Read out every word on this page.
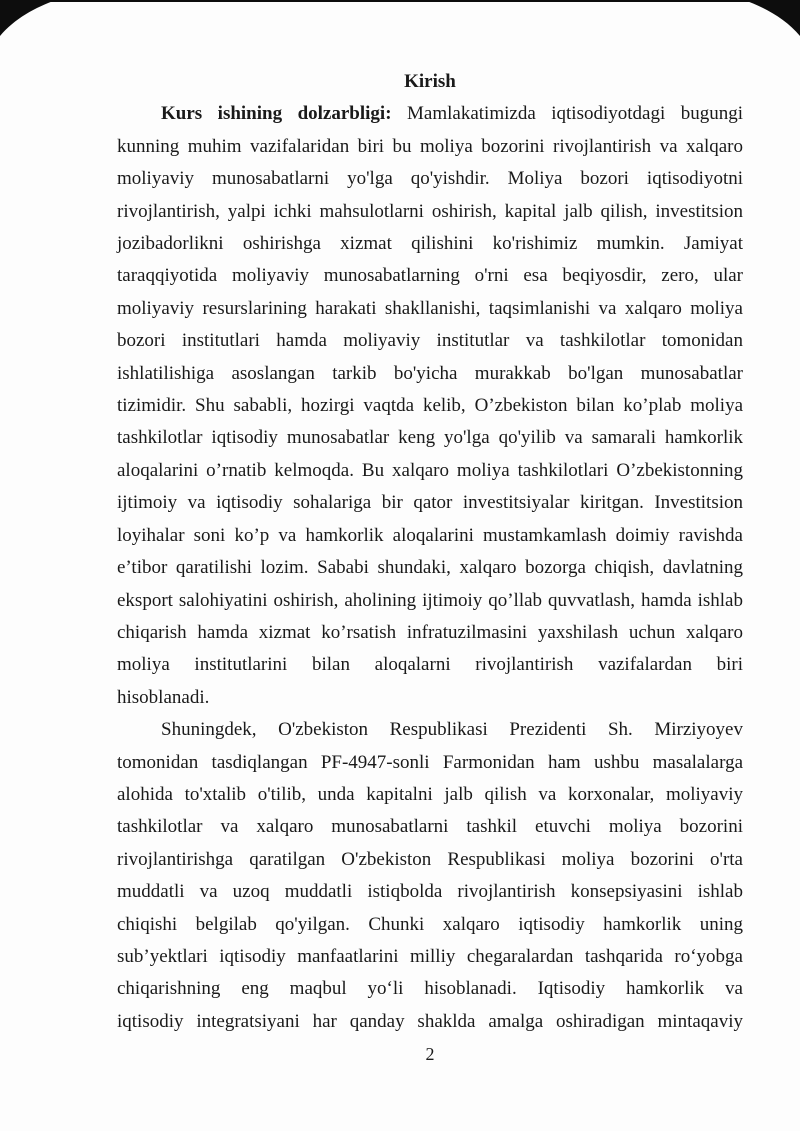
Kirish
Kurs ishining dolzarbligi: Mamlakatimizda iqtisodiyotdagi bugungi
kunning muhim vazifalaridan biri bu moliya bozorini rivojlantirish va xalqaro
moliyaviy munosabatlarni yo'lga qo'yishdir. Moliya bozori iqtisodiyotni
rivojlantirish, yalpi ichki mahsulotlarni oshirish, kapital jalb qilish, investitsion
jozibadorlikni oshirishga xizmat qilishini ko'rishimiz mumkin. Jamiyat
taraqqiyotida moliyaviy munosabatlarning o'rni esa beqiyosdir, zero, ular
moliyaviy resurslarining harakati shakllanishi, taqsimlanishi va xalqaro moliya
bozori institutlari hamda moliyaviy institutlar va tashkilotlar tomonidan
ishlatilishiga asoslangan tarkib bo'yicha murakkab bo'lgan munosabatlar
tizimidir. Shu sababli, hozirgi vaqtda kelib, O’zbekiston bilan ko’plab moliya
tashkilotlar iqtisodiy munosabatlar keng yo'lga qo'yilib va samarali hamkorlik
aloqalarini o’rnatib kelmoqda. Bu xalqaro moliya tashkilotlari O’zbekistonning
ijtimoiy va iqtisodiy sohalariga bir qator investitsiyalar kiritgan. Investitsion
loyihalar soni ko’p va hamkorlik aloqalarini mustamkamlash doimiy ravishda
e’tibor qaratilishi lozim. Sababi shundaki, xalqaro bozorga chiqish, davlatning
eksport salohiyatini oshirish, aholining ijtimoiy qo’llab quvvatlash, hamda ishlab
chiqarish hamda xizmat ko’rsatish infratuzilmasini yaxshilash uchun xalqaro
moliya institutlarini bilan aloqalarni rivojlantirish vazifalardan biri
hisoblanadi.
Shuningdek, O'zbekiston Respublikasi Prezidenti Sh. Mirziyoyev
tomonidan tasdiqlangan PF-4947-sonli Farmonidan ham ushbu masalalarga
alohida to'xtalib o'tilib, unda kapitalni jalb qilish va korxonalar, moliyaviy
tashkilotlar va xalqaro munosabatlarni tashkil etuvchi moliya bozorini
rivojlantirishga qaratilgan O'zbekiston Respublikasi moliya bozorini o'rta
muddatli va uzoq muddatli istiqbolda rivojlantirish konsepsiyasini ishlab
chiqishi belgilab qo'yilgan. Chunki xalqaro iqtisodiy hamkorlik uning
sub’yektlari iqtisodiy manfaatlarini milliy chegaralardan tashqarida roʻyobga
chiqarishning eng maqbul yoʻli hisoblanadi. Iqtisodiy hamkorlik va
iqtisodiy integratsiyani har qanday shaklda amalga oshiradigan mintaqaviy
2
